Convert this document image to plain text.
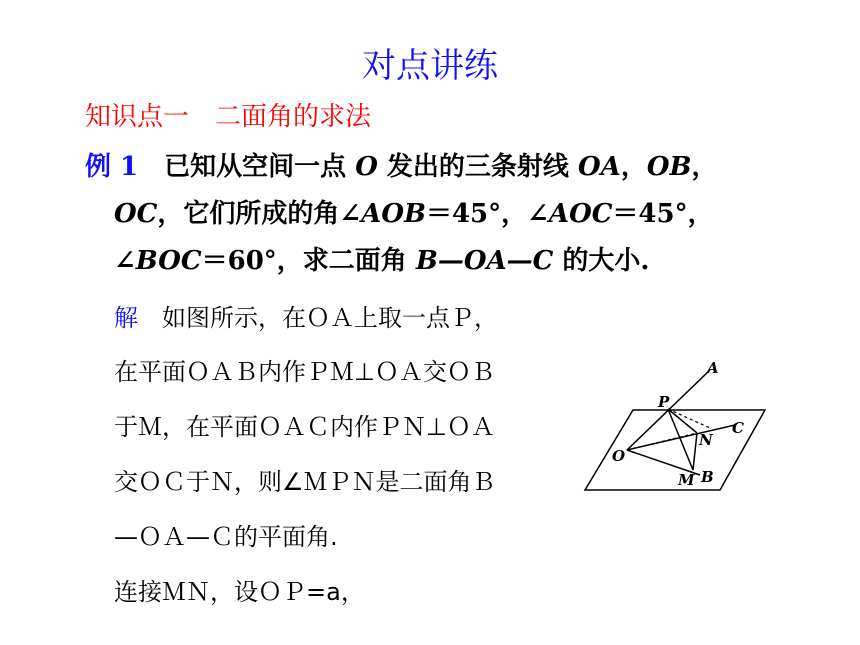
对点讲练
知识点一　二面角的求法
例 1　已知从空间一点 O 发出的三条射线 OA，OB，
OC，它们所成的角∠AOB＝45°，∠AOC＝45°，
∠BOC＝60°，求二面角 B—OA—C 的大小.
解　如图所示，在ＯＡ上取一点Ｐ，
在平面ＯＡＢ内作ＰＭ⊥ＯＡ交ＯＢ
于Ｍ，在平面ＯＡＣ内作ＰＮ⊥ＯＡ
交ＯＣ于Ｎ，则∠ＭＰＮ是二面角Ｂ
—ＯＡ—Ｃ的平面角.
连接ＭＮ，设ＯＰ=a，
A
P
C
N
O
M B
